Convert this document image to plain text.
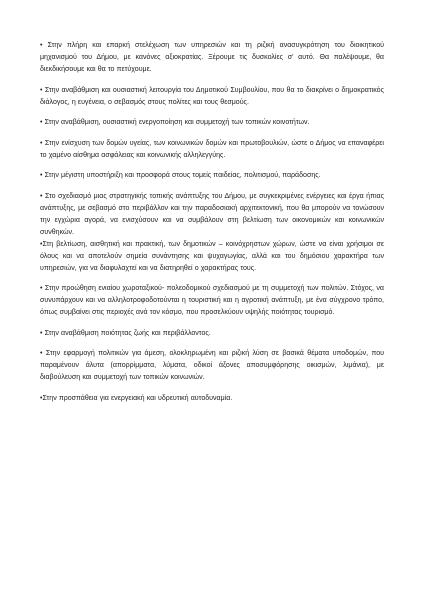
• Στην πλήρη και επαρκή στελέχωση των υπηρεσιών και τη ριζική ανασυγκρότηση του διοικητικού μηχανισμού του Δήμου, με κανόνες αξιοκρατίας. Ξέρουμε τις δυσκολίες σ' αυτό. Θα παλέψουμε, θα διεκδικήσουμε και θα το πετύχουμε.

• Στην αναβάθμιση και ουσιαστική λειτουργία του Δημοτικού Συμβουλίου, που θα το διακρίνει ο δημοκρατικός διάλογος, η ευγένεια, ο σεβασμός στους πολίτες και τους θεσμούς.

• Στην αναβάθμιση, ουσιαστική ενεργοποίηση και συμμετοχή των τοπικών κοινοτήτων.

• Στην ενίσχυση των δομών υγείας, των κοινωνικών δομών και πρωτοβουλιών, ώστε ο Δήμος να επαναφέρει το χαμένο αίσθημα ασφάλειας και κοινωνικής αλληλεγγύης.

• Στην μέγιστη υποστήριξη και προσφορά στους τομείς παιδείας, πολιτισμού, παράδοσης.

• Στο σχεδιασμό μιας στρατηγικής τοπικής ανάπτυξης του Δήμου, με συγκεκριμένες ενέργειες και έργα ήπιας ανάπτυξης, με σεβασμό στο περιβάλλον και την παραδοσιακή αρχιτεκτονική, που θα μπορούν να τονώσουν την εγχώρια αγορά, να ενισχύσουν και να συμβάλουν στη βελτίωση των οικονομικών και κοινωνικών συνθηκών.

•Στη βελτίωση, αισθητική και πρακτική, των δημοτικών – κοινόχρηστων χώρων, ώστε να είναι χρήσιμοι σε όλους και να αποτελούν σημεία συνάντησης και ψυχαγωγίας, αλλά και του δημόσιου χαρακτήρα των υπηρεσιών, για να διαφυλαχτεί και να διατηρηθεί ο χαρακτήρας τους.

• Στην προώθηση ενιαίου χωροταξικού- πολεοδομικού σχεδιασμού με τη συμμετοχή των πολιτών. Στόχος, να συνυπάρχουν και να αλληλοτροφοδοτούνται η τουριστική και η αγροτική ανάπτυξη, με ένα σύγχρονο τρόπο, όπως συμβαίνει στις περιοχές ανά τον κόσμο, που προσελκύουν υψηλής ποιότητας τουρισμό.

• Στην αναβάθμιση ποιότητας ζωής και περιβάλλοντος.

• Στην εφαρμογή πολιτικών για άμεση, ολοκληρωμένη και ριζική λύση σε βασικά θέματα υποδομών, που παραμένουν άλυτα (απορρίμματα, λύματα, οδικοί άξονες αποσυμφόρησης οικισμών, λιμάνια), με διαβούλευση και συμμετοχή των τοπικών κοινωνιών.

•Στην προσπάθεια για ενεργειακή και υδρευτική αυτοδυναμία.
